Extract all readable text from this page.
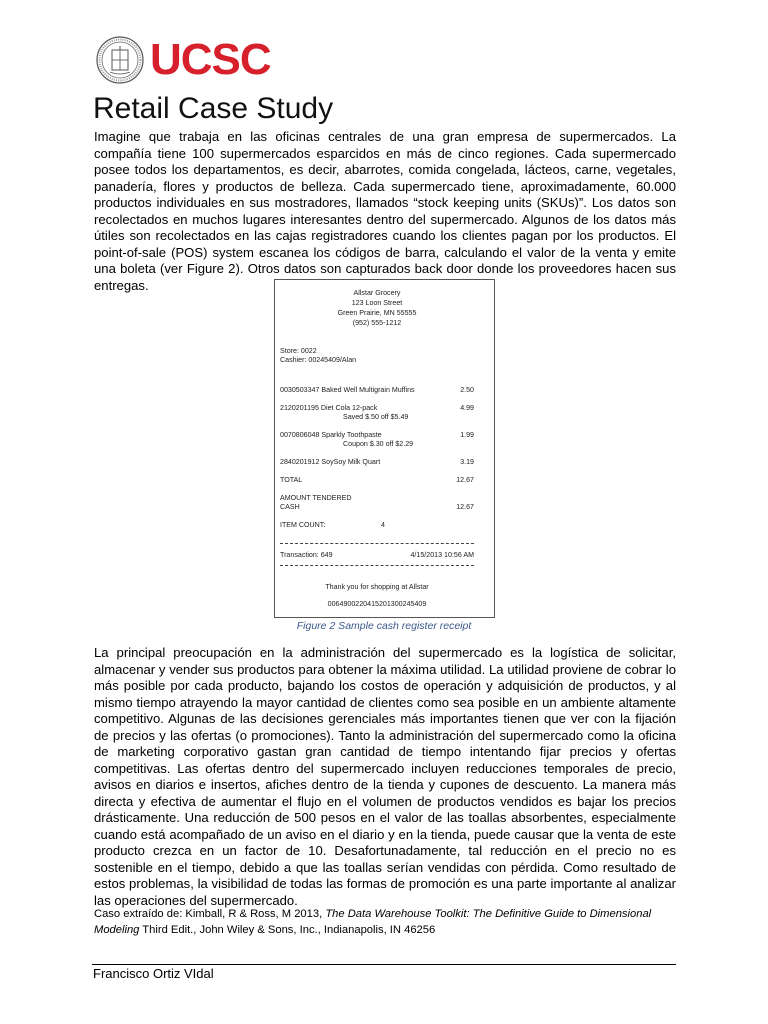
UCSC
Retail Case Study

Imagine que trabaja en las oficinas centrales de una gran empresa de supermercados. La compañía tiene 100 supermercados esparcidos en más de cinco regiones. Cada supermercado posee todos los departamentos, es decir, abarrotes, comida congelada, lácteos, carne, vegetales, panadería, flores y productos de belleza. Cada supermercado tiene, aproximadamente, 60.000 productos individuales en sus mostradores, llamados “stock keeping units (SKUs)”. Los datos son recolectados en muchos lugares interesantes dentro del supermercado. Algunos de los datos más útiles son recolectados en las cajas registradores cuando los clientes pagan por los productos. El point-of-sale (POS) system escanea los códigos de barra, calculando el valor de la venta y emite una boleta (ver Figure 2). Otros datos son capturados back door donde los proveedores hacen sus entregas.

Allstar Grocery
123 Loon Street
Green Prairie, MN 55555
(952) 555-1212
Store: 0022
Cashier: 00245409/Alan
0030503347 Baked Well Multigrain Muffins	2.50
2120201195 Diet Cola 12-pack	4.99
Saved $.50 off $5.49
0070806048 Sparkly Toothpaste	1.99
Coupon $.30 off $2.29
2840201912 SoySoy Milk Quart	3.19
TOTAL	12.67
AMOUNT TENDERED
CASH	12.67
ITEM COUNT:	4
Transaction: 649	4/15/2013 10:56 AM
Thank you for shopping at Allstar
0064900220415201300245409
Figure 2 Sample cash register receipt

La principal preocupación en la administración del supermercado es la logística de solicitar, almacenar y vender sus productos para obtener la máxima utilidad. La utilidad proviene de cobrar lo más posible por cada producto, bajando los costos de operación y adquisición de productos, y al mismo tiempo atrayendo la mayor cantidad de clientes como sea posible en un ambiente altamente competitivo. Algunas de las decisiones gerenciales más importantes tienen que ver con la fijación de precios y las ofertas (o promociones). Tanto la administración del supermercado como la oficina de marketing corporativo gastan gran cantidad de tiempo intentando fijar precios y ofertas competitivas. Las ofertas dentro del supermercado incluyen reducciones temporales de precio, avisos en diarios e insertos, afiches dentro de la tienda y cupones de descuento. La manera más directa y efectiva de aumentar el flujo en el volumen de productos vendidos es bajar los precios drásticamente. Una reducción de 500 pesos en el valor de las toallas absorbentes, especialmente cuando está acompañado de un aviso en el diario y en la tienda, puede causar que la venta de este producto crezca en un factor de 10. Desafortunadamente, tal reducción en el precio no es sostenible en el tiempo, debido a que las toallas serían vendidas con pérdida. Como resultado de estos problemas, la visibilidad de todas las formas de promoción es una parte importante al analizar las operaciones del supermercado.

Caso extraído de: Kimball, R & Ross, M 2013, The Data Warehouse Toolkit: The Definitive Guide to Dimensional Modeling Third Edit., John Wiley & Sons, Inc., Indianapolis, IN 46256

Francisco Ortiz VIdal
